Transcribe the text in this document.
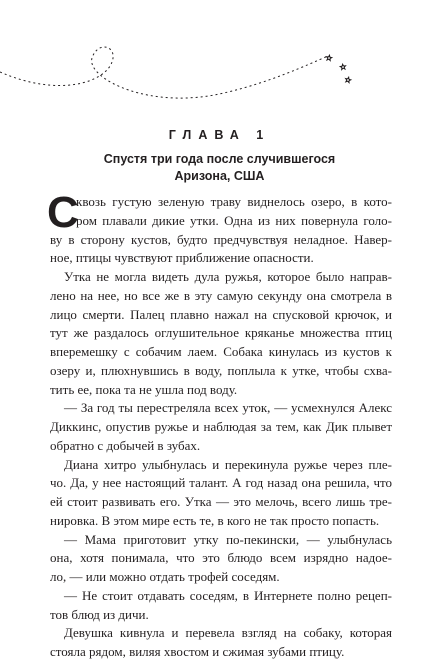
ГЛАВА 1
Спустя три года после случившегося
Аризона, США
С
квозь густую зеленую траву виднелось озеро, в кото-
ром плавали дикие утки. Одна из них повернула голо-
ву в сторону кустов, будто предчувствуя неладное. Навер-
ное, птицы чувствуют приближение опасности.
Утка не могла видеть дула ружья, которое было направ-
лено на нее, но все же в эту самую секунду она смотрела в
лицо смерти. Палец плавно нажал на спусковой крючок, и
тут же раздалось оглушительное кряканье множества птиц
вперемешку с собачим лаем. Собака кинулась из кустов к
озеру и, плюхнувшись в воду, поплыла к утке, чтобы схва-
тить ее, пока та не ушла под воду.
— За год ты перестреляла всех уток, — усмехнулся Алекс
Диккинс, опустив ружье и наблюдая за тем, как Дик плывет
обратно с добычей в зубах.
Диана хитро улыбнулась и перекинула ружье через пле-
чо. Да, у нее настоящий талант. А год назад она решила, что
ей стоит развивать его. Утка — это мелочь, всего лишь тре-
нировка. В этом мире есть те, в кого не так просто попасть.
— Мама приготовит утку по-пекински, — улыбнулась
она, хотя понимала, что это блюдо всем изрядно надое-
ло, — или можно отдать трофей соседям.
— Не стоит отдавать соседям, в Интернете полно рецеп-
тов блюд из дичи.
Девушка кивнула и перевела взгляд на собаку, которая
стояла рядом, виляя хвостом и сжимая зубами птицу.
